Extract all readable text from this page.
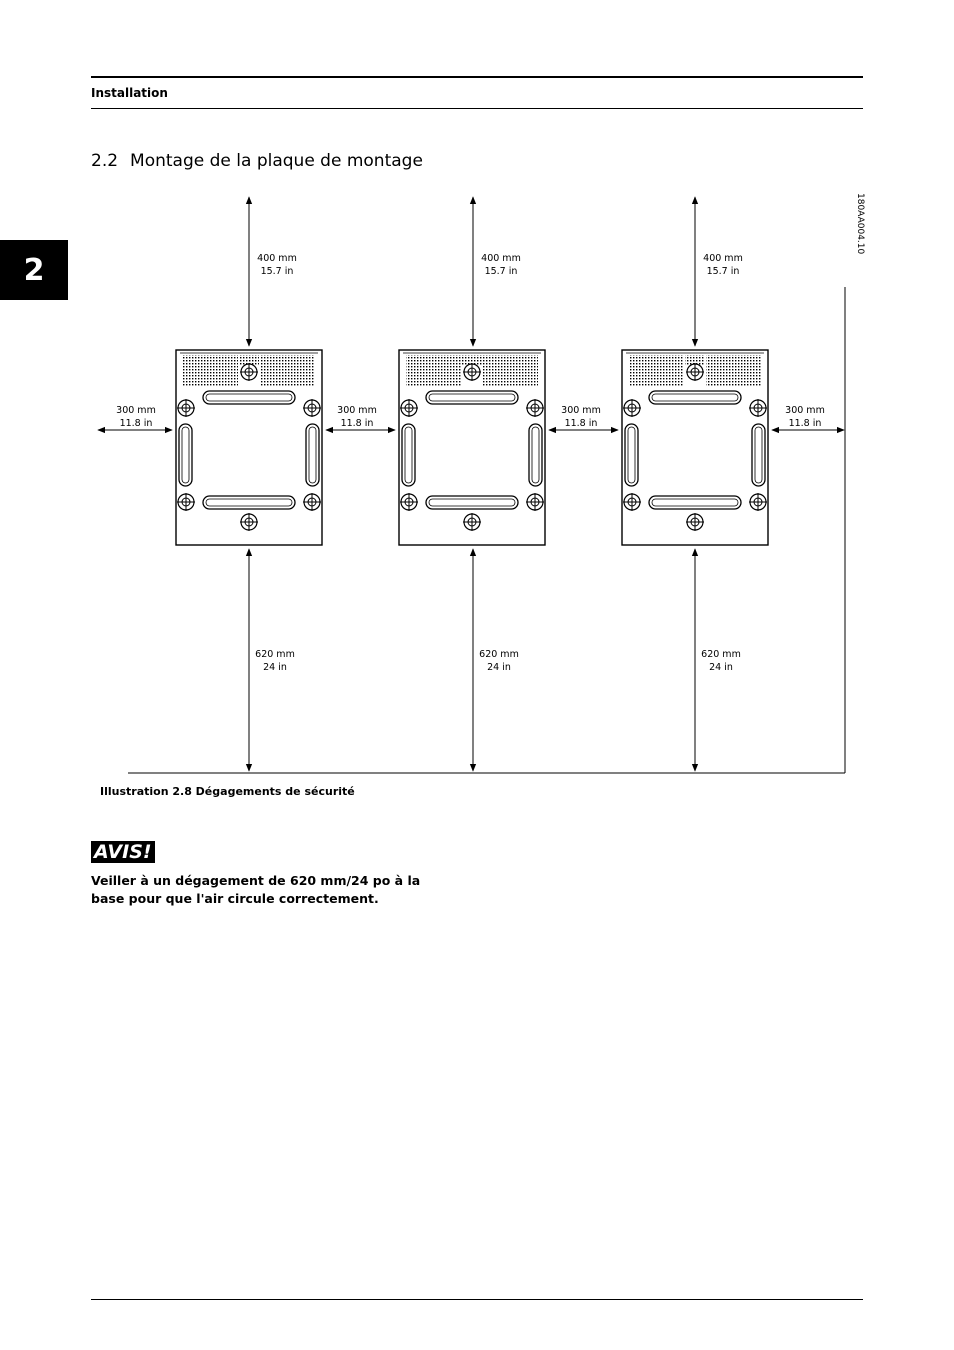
Installation
2
2.2 Montage de la plaque de montage
400 mm
15.7 in
620 mm
24 in
400 mm
15.7 in
620 mm
24 in
400 mm
15.7 in
620 mm
24 in
300 mm
11.8 in
300 mm
11.8 in
300 mm
11.8 in
300 mm
11.8 in
180AA004.10
Illustration 2.8 Dégagements de sécurité
AVIS!
Veiller à un dégagement de 620 mm/24 po à la base pour que l'air circule correctement.
